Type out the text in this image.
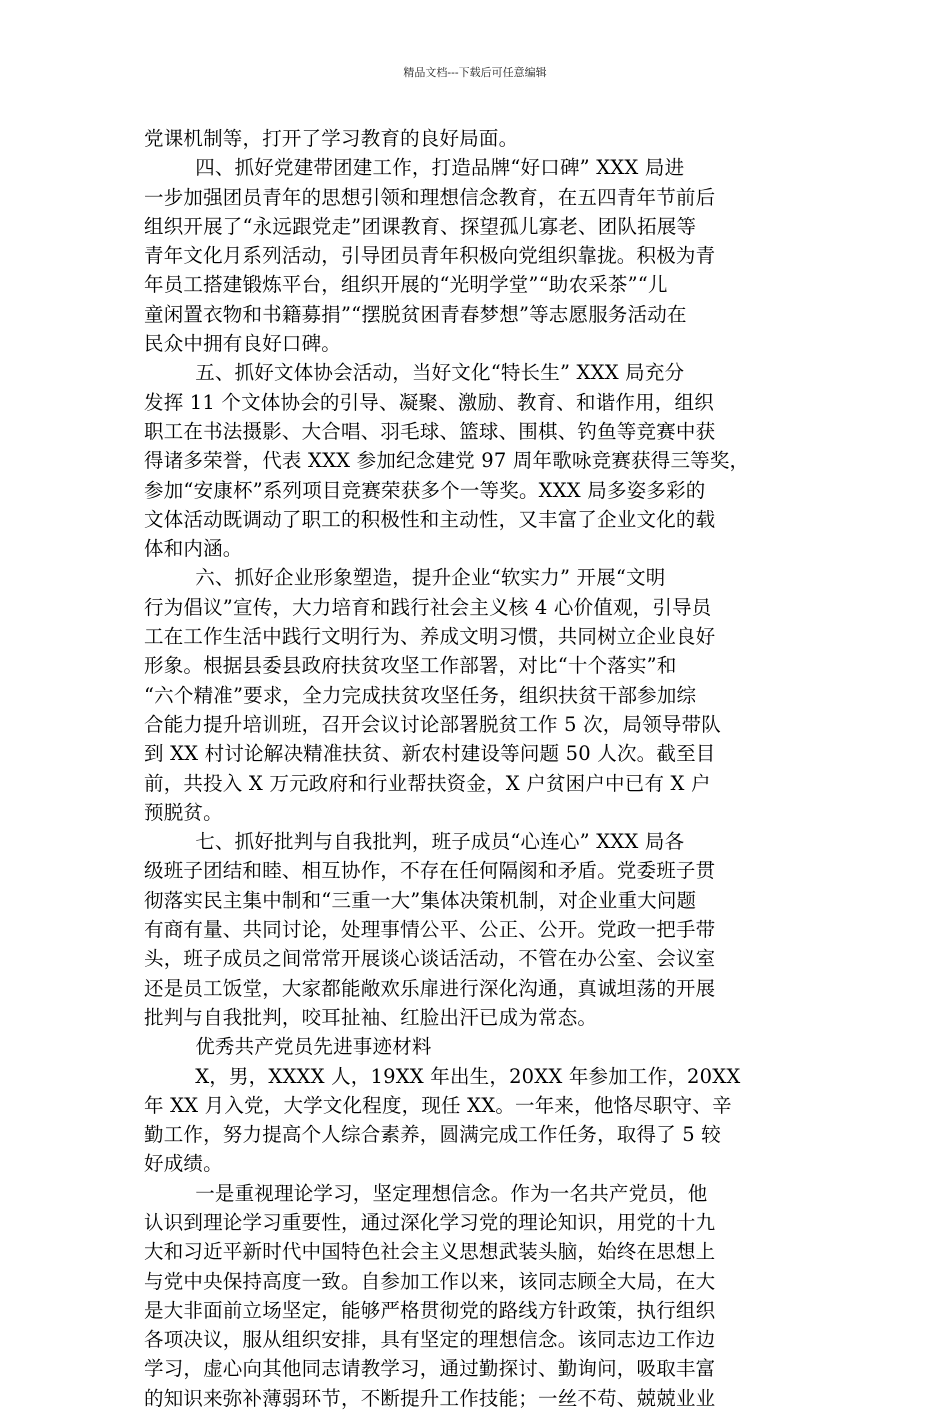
精品文档---下载后可任意编辑
党课机制等，打开了学习教育的良好局面。
四、抓好党建带团建工作，打造品牌“好口碑” XXX 局进
一步加强团员青年的思想引领和理想信念教育，在五四青年节前后
组织开展了“永远跟党走”团课教育、探望孤儿寡老、团队拓展等
青年文化月系列活动，引导团员青年积极向党组织靠拢。积极为青
年员工搭建锻炼平台，组织开展的“光明学堂”“助农采茶”“儿
童闲置衣物和书籍募捐”“摆脱贫困青春梦想”等志愿服务活动在
民众中拥有良好口碑。
五、抓好文体协会活动，当好文化“特长生” XXX 局充分
发挥 11 个文体协会的引导、凝聚、激励、教育、和谐作用，组织
职工在书法摄影、大合唱、羽毛球、篮球、围棋、钓鱼等竞赛中获
得诸多荣誉，代表 XXX 参加纪念建党 97 周年歌咏竞赛获得三等奖，
参加“安康杯”系列项目竞赛荣获多个一等奖。XXX 局多姿多彩的
文体活动既调动了职工的积极性和主动性，又丰富了企业文化的载
体和内涵。
六、抓好企业形象塑造，提升企业“软实力” 开展“文明
行为倡议”宣传，大力培育和践行社会主义核 4 心价值观，引导员
工在工作生活中践行文明行为、养成文明习惯，共同树立企业良好
形象。根据县委县政府扶贫攻坚工作部署，对比“十个落实”和
“六个精准”要求，全力完成扶贫攻坚任务，组织扶贫干部参加综
合能力提升培训班，召开会议讨论部署脱贫工作 5 次，局领导带队
到 XX 村讨论解决精准扶贫、新农村建设等问题 50 人次。截至目
前，共投入 X 万元政府和行业帮扶资金，X 户贫困户中已有 X 户
预脱贫。
七、抓好批判与自我批判，班子成员“心连心” XXX 局各
级班子团结和睦、相互协作，不存在任何隔阂和矛盾。党委班子贯
彻落实民主集中制和“三重一大”集体决策机制，对企业重大问题
有商有量、共同讨论，处理事情公平、公正、公开。党政一把手带
头，班子成员之间常常开展谈心谈话活动，不管在办公室、会议室
还是员工饭堂，大家都能敞欢乐扉进行深化沟通，真诚坦荡的开展
批判与自我批判，咬耳扯袖、红脸出汗已成为常态。
优秀共产党员先进事迹材料
X，男，XXXX 人，19XX 年出生，20XX 年参加工作，20XX
年 XX 月入党，大学文化程度，现任 XX。一年来，他恪尽职守、辛
勤工作，努力提高个人综合素养，圆满完成工作任务，取得了 5 较
好成绩。
一是重视理论学习，坚定理想信念。作为一名共产党员，他
认识到理论学习重要性，通过深化学习党的理论知识，用党的十九
大和习近平新时代中国特色社会主义思想武装头脑，始终在思想上
与党中央保持高度一致。自参加工作以来，该同志顾全大局，在大
是大非面前立场坚定，能够严格贯彻党的路线方针政策，执行组织
各项决议，服从组织安排，具有坚定的理想信念。该同志边工作边
学习，虚心向其他同志请教学习，通过勤探讨、勤询问，吸取丰富
的知识来弥补薄弱环节，不断提升工作技能；一丝不苟、兢兢业业
